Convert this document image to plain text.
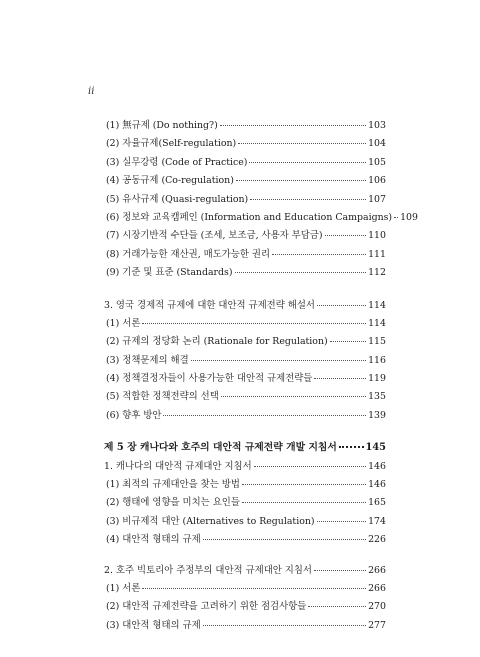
ii
(1) 無규제 (Do nothing?)	103
(2) 자율규제(Self-regulation)	104
(3) 실무강령 (Code of Practice)	105
(4) 공동규제 (Co-regulation)	106
(5) 유사규제 (Quasi-regulation)	107
(6) 정보와 교육캠페인 (Information and Education Campaigns) 109
(7) 시장기반적 수단들 (조세, 보조금, 사용자 부담금)	110
(8) 거래가능한 재산권, 매도가능한 권리	111
(9) 기준 및 표준 (Standards)	112
3. 영국 경제적 규제에 대한 대안적 규제전략 해설서	114
(1) 서론	114
(2) 규제의 정당화 논리 (Rationale for Regulation)	115
(3) 정책문제의 해결	116
(4) 정책결정자들이 사용가능한 대안적 규제전략들	119
(5) 적합한 정책전략의 선택	135
(6) 향후 방안	139
제 5 장 캐나다와 호주의 대안적 규제전략 개발 지침서	145
1. 캐나다의 대안적 규제대안 지침서	146
(1) 최적의 규제대안을 찾는 방법	146
(2) 행태에 영향을 미치는 요인들	165
(3) 비규제적 대안 (Alternatives to Regulation)	174
(4) 대안적 형태의 규제	226
2. 호주 빅토리아 주정부의 대안적 규제대안 지침서	266
(1) 서론	266
(2) 대안적 규제전략을 고려하기 위한 점검사항들	270
(3) 대안적 형태의 규제	277
